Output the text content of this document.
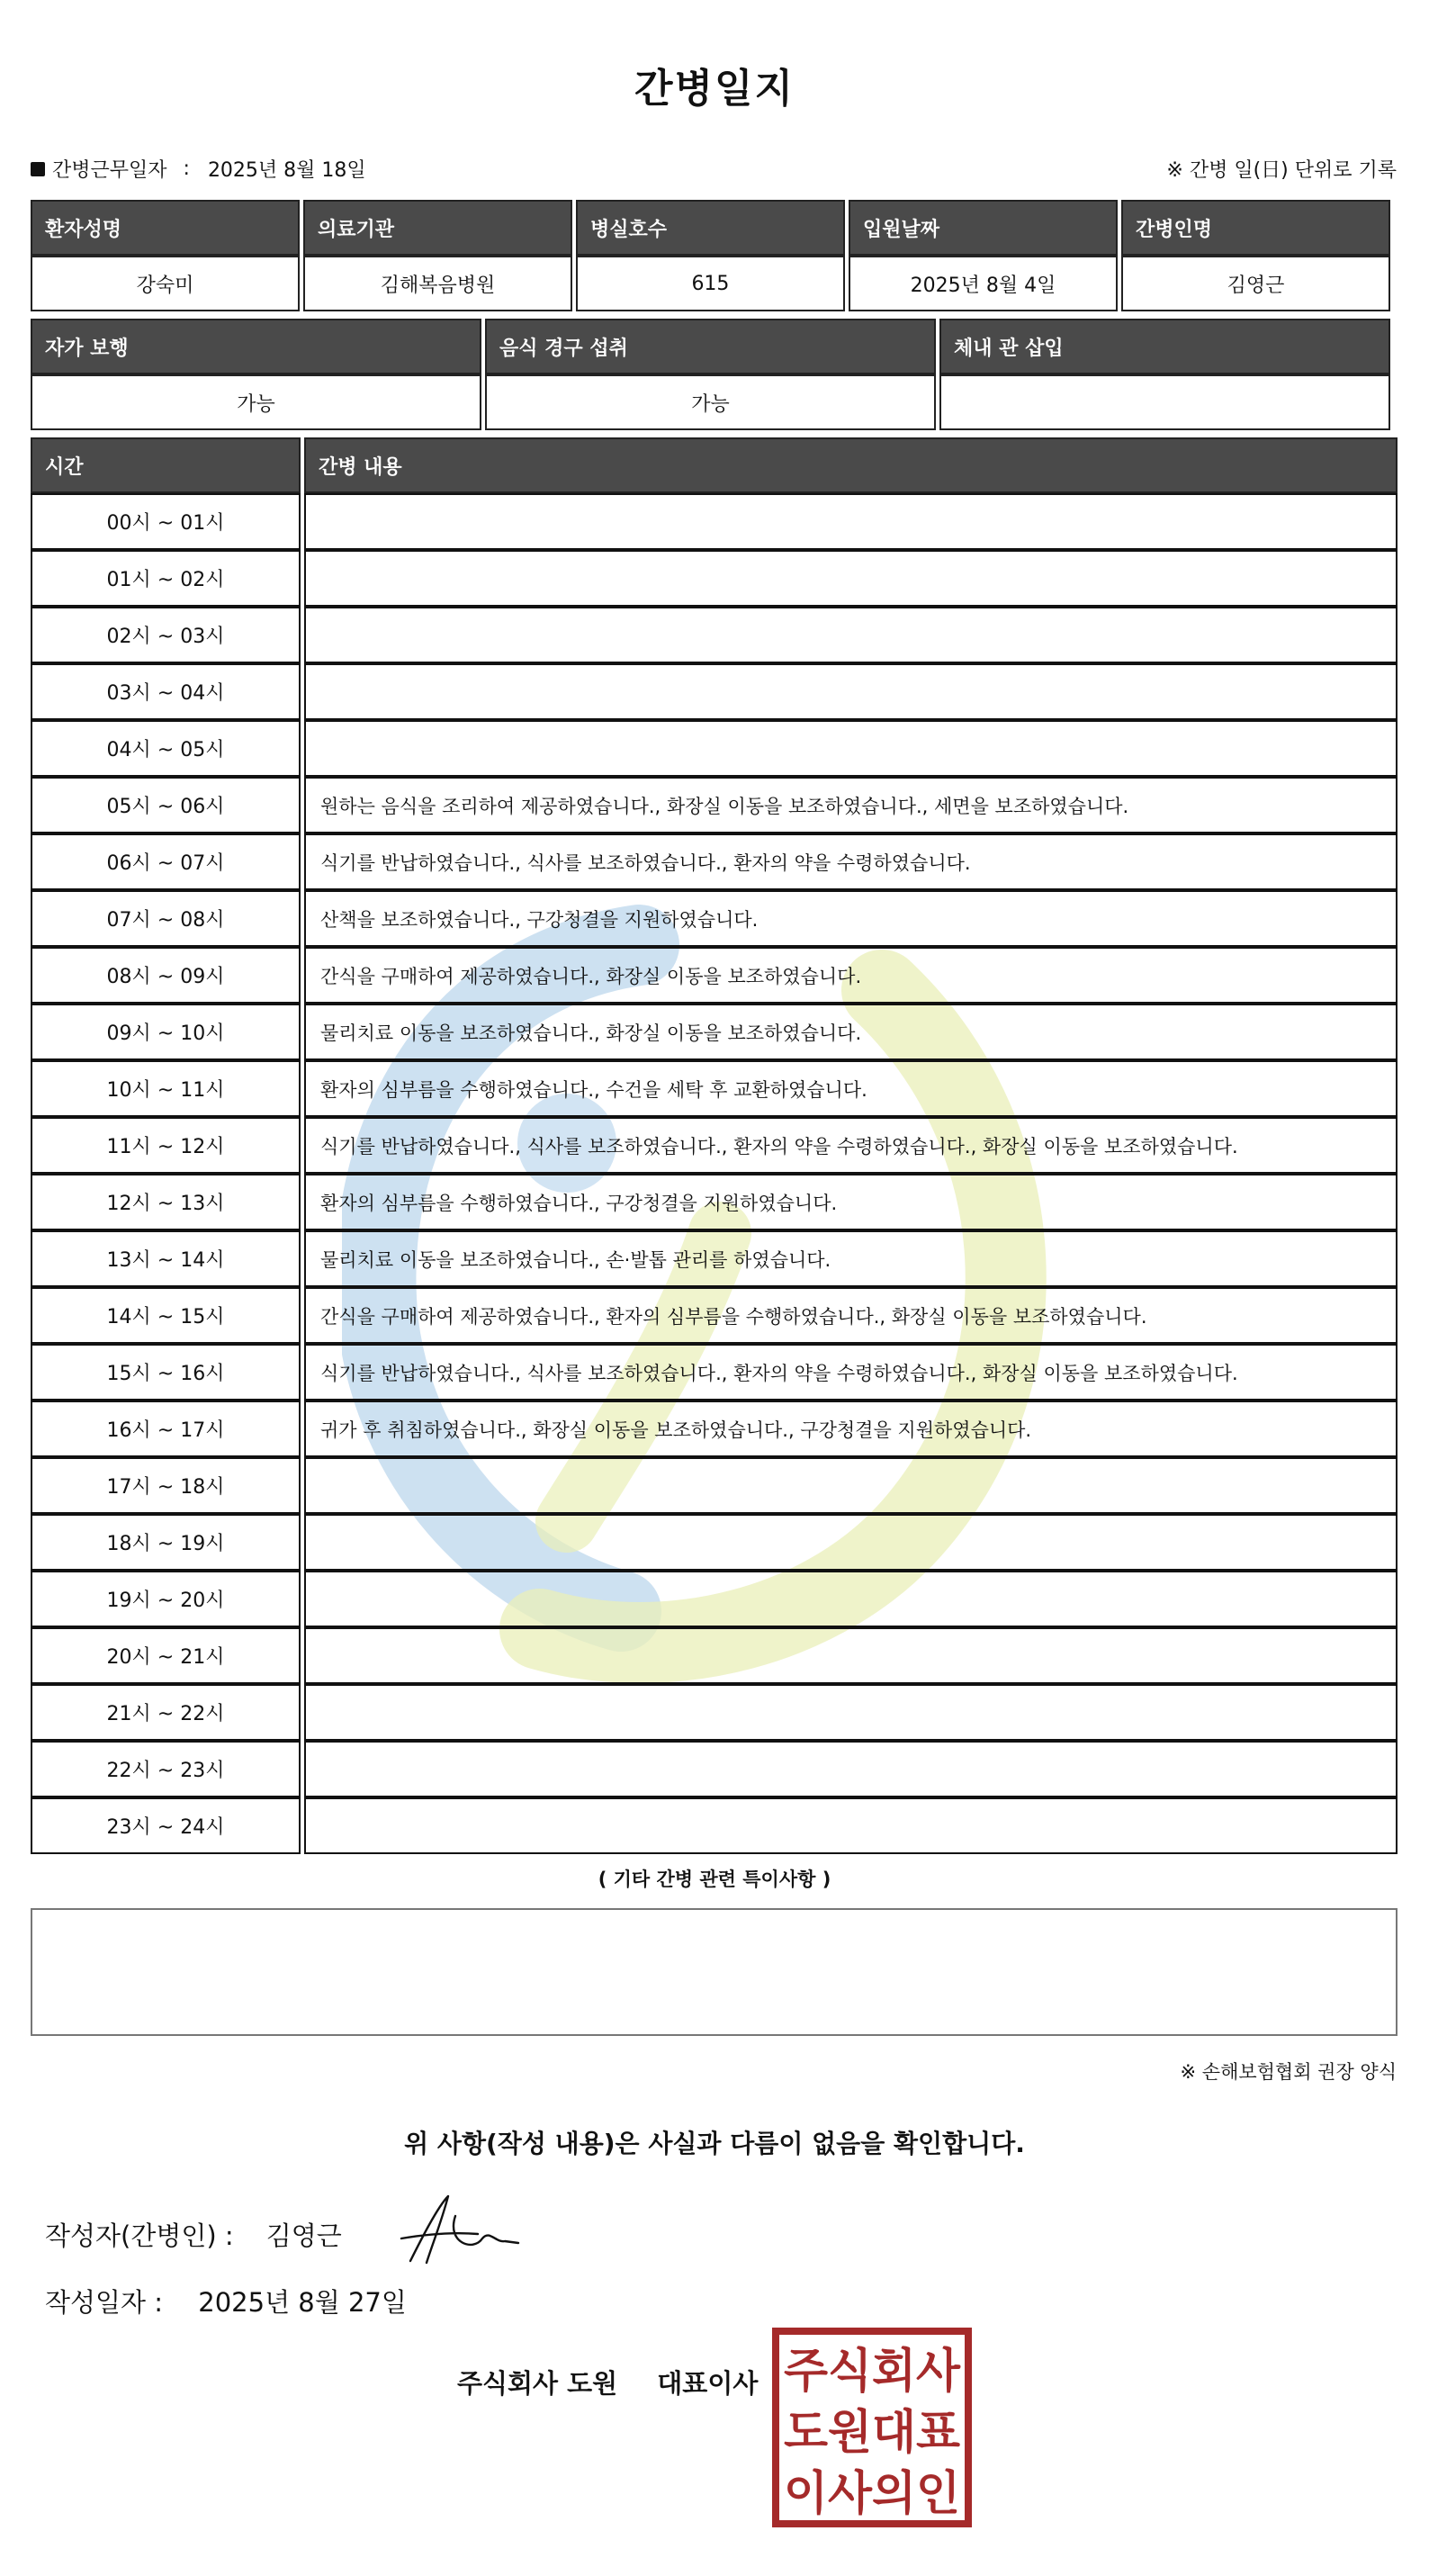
간병일지
간병근무일자 : 2025년 8월 18일	※ 간병 일(日) 단위로 기록
환자성명	의료기관	병실호수	입원날짜	간병인명
강숙미	김해복음병원	615	2025년 8월 4일	김영근
자가 보행	음식 경구 섭취	체내 관 삽입
가능	가능	
시간	간병 내용
00시 ~ 01시
01시 ~ 02시
02시 ~ 03시
03시 ~ 04시
04시 ~ 05시
05시 ~ 06시	원하는 음식을 조리하여 제공하였습니다., 화장실 이동을 보조하였습니다., 세면을 보조하였습니다.
06시 ~ 07시	식기를 반납하였습니다., 식사를 보조하였습니다., 환자의 약을 수령하였습니다.
07시 ~ 08시	산책을 보조하였습니다., 구강청결을 지원하였습니다.
08시 ~ 09시	간식을 구매하여 제공하였습니다., 화장실 이동을 보조하였습니다.
09시 ~ 10시	물리치료 이동을 보조하였습니다., 화장실 이동을 보조하였습니다.
10시 ~ 11시	환자의 심부름을 수행하였습니다., 수건을 세탁 후 교환하였습니다.
11시 ~ 12시	식기를 반납하였습니다., 식사를 보조하였습니다., 환자의 약을 수령하였습니다., 화장실 이동을 보조하였습니다.
12시 ~ 13시	환자의 심부름을 수행하였습니다., 구강청결을 지원하였습니다.
13시 ~ 14시	물리치료 이동을 보조하였습니다., 손·발톱 관리를 하였습니다.
14시 ~ 15시	간식을 구매하여 제공하였습니다., 환자의 심부름을 수행하였습니다., 화장실 이동을 보조하였습니다.
15시 ~ 16시	식기를 반납하였습니다., 식사를 보조하였습니다., 환자의 약을 수령하였습니다., 화장실 이동을 보조하였습니다.
16시 ~ 17시	귀가 후 취침하였습니다., 화장실 이동을 보조하였습니다., 구강청결을 지원하였습니다.
17시 ~ 18시
18시 ~ 19시
19시 ~ 20시
20시 ~ 21시
21시 ~ 22시
22시 ~ 23시
23시 ~ 24시
( 기타 간병 관련 특이사항 )
※ 손해보험협회 권장 양식
위 사항(작성 내용)은 사실과 다름이 없음을 확인합니다.
작성자(간병인) : 김영근
작성일자 : 2025년 8월 27일
주식회사 도원 대표이사 주식회사
도원대표
이사의인
